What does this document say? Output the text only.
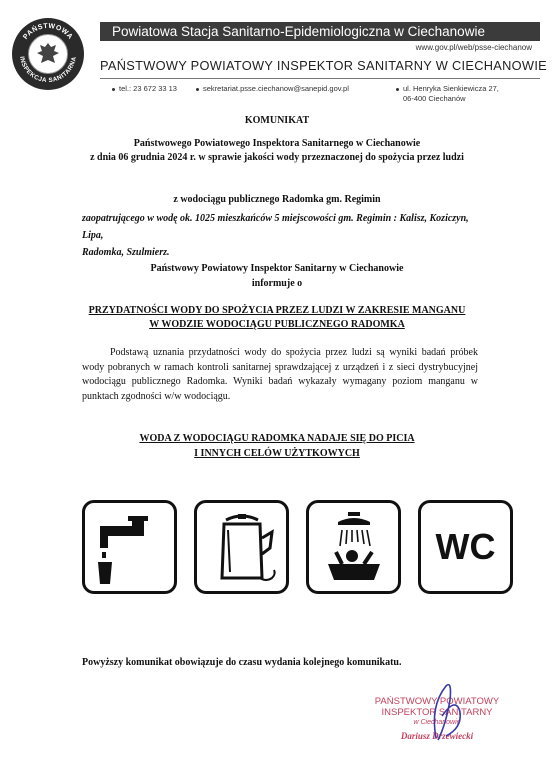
PAŃSTWOWA
INSPEKCJA SANITARNA
Powiatowa Stacja Sanitarno-Epidemiologiczna w Ciechanowie
www.gov.pl/web/psse-ciechanow
PAŃSTWOWY POWIATOWY INSPEKTOR SANITARNY W CIECHANOWIE
tel.: 23 672 33 13	sekretariat.psse.ciechanow@sanepid.gov.pl	ul. Henryka Sienkiewicza 27,
06-400 Ciechanów
KOMUNIKAT
Państwowego Powiatowego Inspektora Sanitarnego w Ciechanowie
z dnia 06 grudnia 2024 r. w sprawie jakości wody przeznaczonej do spożycia przez ludzi
z wodociągu publicznego Radomka gm. Regimin
zaopatrującego w wodę ok. 1025 mieszkańców 5 miejscowości gm. Regimin : Kalisz, Koziczyn, Lipa,
Radomka, Szulmierz.
Państwowy Powiatowy Inspektor Sanitarny w Ciechanowie
informuje o
PRZYDATNOŚCI WODY DO SPOŻYCIA PRZEZ LUDZI W ZAKRESIE MANGANU
W WODZIE WODOCIĄGU PUBLICZNEGO RADOMKA
Podstawą uznania przydatności wody do spożycia przez ludzi są wyniki badań próbek wody pobranych w ramach kontroli sanitarnej sprawdzającej z urządzeń i z sieci dystrybucyjnej wodociągu publicznego Radomka. Wyniki badań wykazały wymagany poziom manganu w punktach zgodności w/w wodociągu.
WODA Z WODOCIĄGU RADOMKA NADAJE SIĘ DO PICIA
I INNYCH CELÓW UŻYTKOWYCH
WC
Powyższy komunikat obowiązuje do czasu wydania kolejnego komunikatu.
PAŃSTWOWY POWIATOWY
INSPEKTOR SANITARNY
w Ciechanowie
Dariusz Drzewiecki
